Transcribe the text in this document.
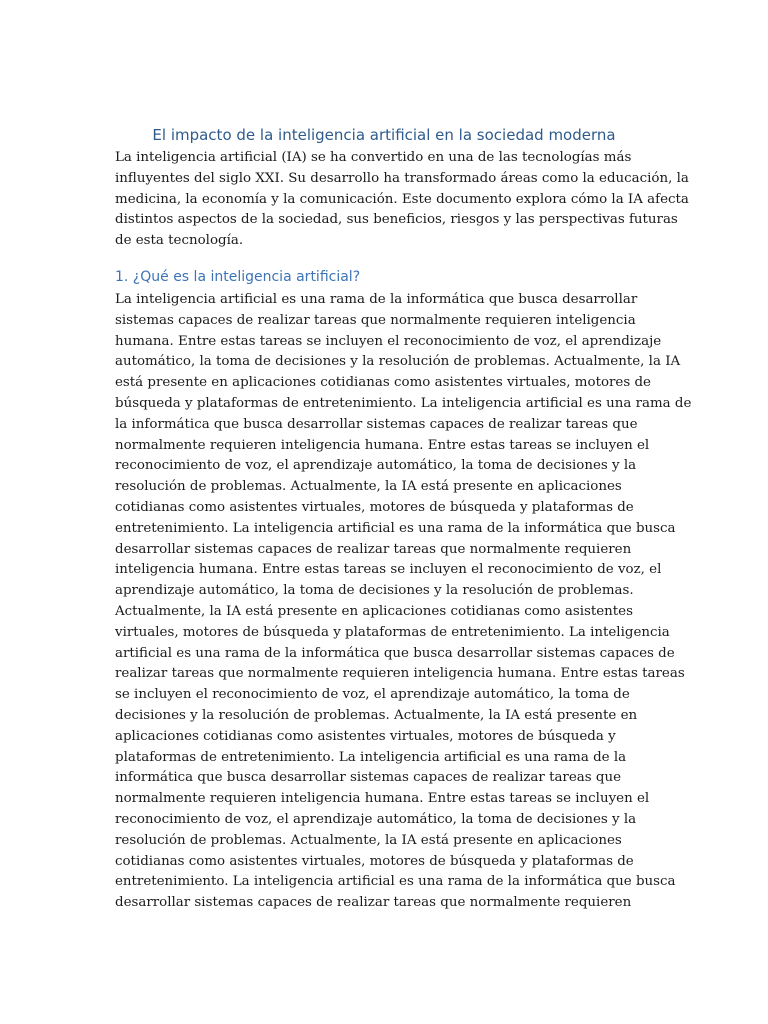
El impacto de la inteligencia artificial en la sociedad moderna

La inteligencia artificial (IA) se ha convertido en una de las tecnologías más
influyentes del siglo XXI. Su desarrollo ha transformado áreas como la educación, la
medicina, la economía y la comunicación. Este documento explora cómo la IA afecta
distintos aspectos de la sociedad, sus beneficios, riesgos y las perspectivas futuras
de esta tecnología.

1. ¿Qué es la inteligencia artificial?

La inteligencia artificial es una rama de la informática que busca desarrollar
sistemas capaces de realizar tareas que normalmente requieren inteligencia
humana. Entre estas tareas se incluyen el reconocimiento de voz, el aprendizaje
automático, la toma de decisiones y la resolución de problemas. Actualmente, la IA
está presente en aplicaciones cotidianas como asistentes virtuales, motores de
búsqueda y plataformas de entretenimiento. La inteligencia artificial es una rama de
la informática que busca desarrollar sistemas capaces de realizar tareas que
normalmente requieren inteligencia humana. Entre estas tareas se incluyen el
reconocimiento de voz, el aprendizaje automático, la toma de decisiones y la
resolución de problemas. Actualmente, la IA está presente en aplicaciones
cotidianas como asistentes virtuales, motores de búsqueda y plataformas de
entretenimiento. La inteligencia artificial es una rama de la informática que busca
desarrollar sistemas capaces de realizar tareas que normalmente requieren
inteligencia humana. Entre estas tareas se incluyen el reconocimiento de voz, el
aprendizaje automático, la toma de decisiones y la resolución de problemas.
Actualmente, la IA está presente en aplicaciones cotidianas como asistentes
virtuales, motores de búsqueda y plataformas de entretenimiento. La inteligencia
artificial es una rama de la informática que busca desarrollar sistemas capaces de
realizar tareas que normalmente requieren inteligencia humana. Entre estas tareas
se incluyen el reconocimiento de voz, el aprendizaje automático, la toma de
decisiones y la resolución de problemas. Actualmente, la IA está presente en
aplicaciones cotidianas como asistentes virtuales, motores de búsqueda y
plataformas de entretenimiento. La inteligencia artificial es una rama de la
informática que busca desarrollar sistemas capaces de realizar tareas que
normalmente requieren inteligencia humana. Entre estas tareas se incluyen el
reconocimiento de voz, el aprendizaje automático, la toma de decisiones y la
resolución de problemas. Actualmente, la IA está presente en aplicaciones
cotidianas como asistentes virtuales, motores de búsqueda y plataformas de
entretenimiento. La inteligencia artificial es una rama de la informática que busca
desarrollar sistemas capaces de realizar tareas que normalmente requieren
